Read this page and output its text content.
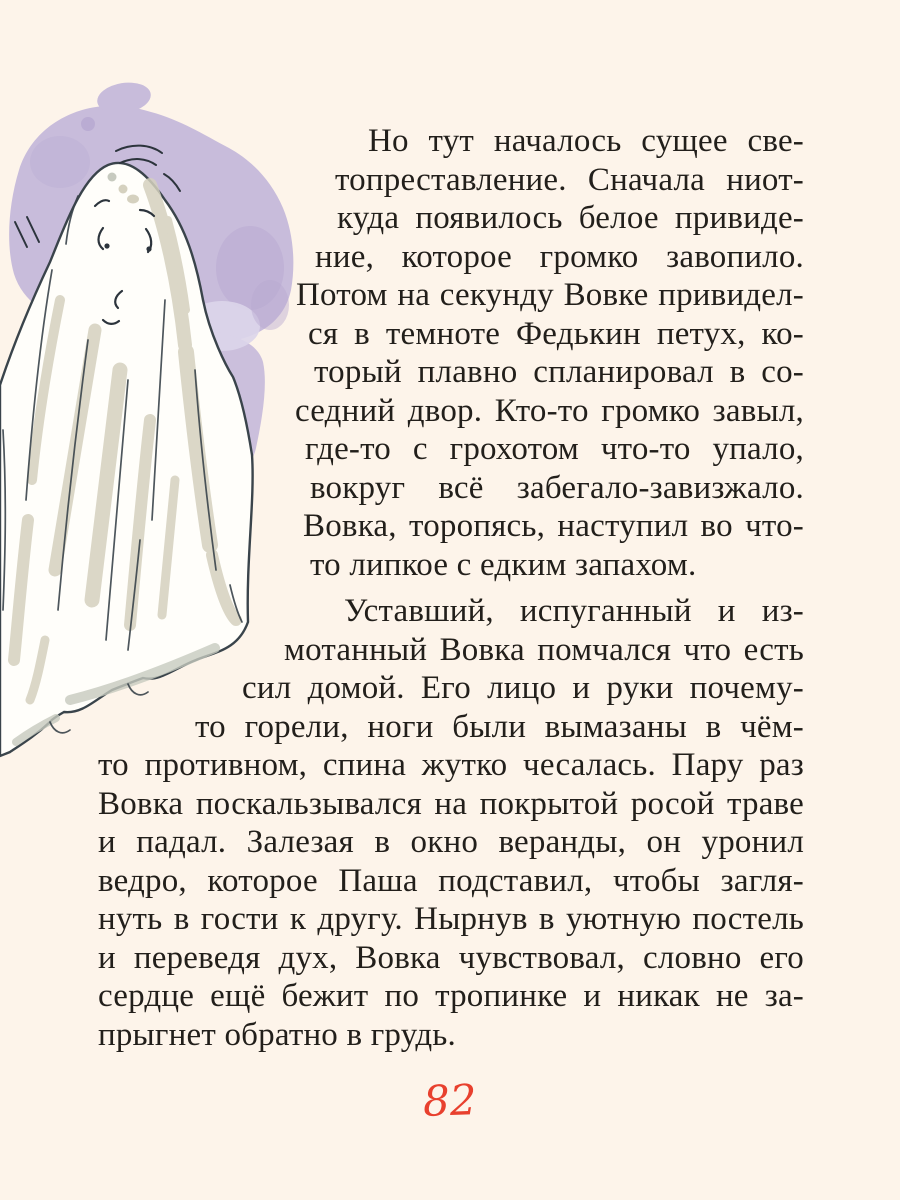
Но тут началось сущее све-
топреставление. Сначала ниот-
куда появилось белое привиде-
ние, которое громко завопило.
Потом на секунду Вовке привидел-
ся в темноте Федькин петух, ко-
торый плавно спланировал в со-
седний двор. Кто-то громко завыл,
где-то с грохотом что-то упало,
вокруг всё забегало-завизжало.
Вовка, торопясь, наступил во что-
то липкое с едким запахом.
Уставший, испуганный и из-
мотанный Вовка помчался что есть
сил домой. Его лицо и руки почему-
то горели, ноги были вымазаны в чём-
то противном, спина жутко чесалась. Пару раз
Вовка поскальзывался на покрытой росой траве
и падал. Залезая в окно веранды, он уронил
ведро, которое Паша подставил, чтобы загля-
нуть в гости к другу. Нырнув в уютную постель
и переведя дух, Вовка чувствовал, словно его
сердце ещё бежит по тропинке и никак не за-
прыгнет обратно в грудь.
82
